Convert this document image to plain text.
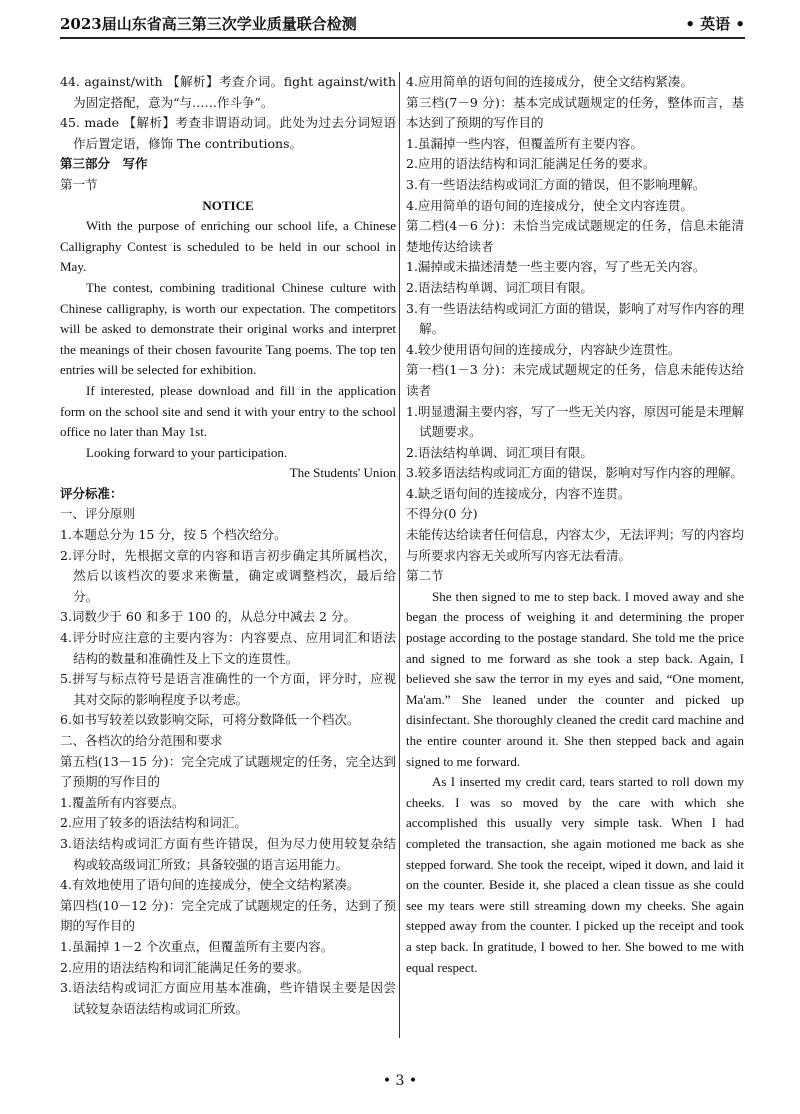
2023届山东省高三第三次学业质量联合检测	• 英语 •

44. against/with 【解析】考查介词。fight against/with为固定搭配，意为“与……作斗争”。

45. made 【解析】考查非谓语动词。此处为过去分词短语作后置定语，修饰 The contributions。

第三部分　写作

第一节

NOTICE

With the purpose of enriching our school life, a Chinese Calligraphy Contest is scheduled to be held in our school in May.

The contest, combining traditional Chinese culture with Chinese calligraphy, is worth our expectation. The competitors will be asked to demonstrate their original works and interpret the meanings of their chosen favourite Tang poems. The top ten entries will be selected for exhibition.

If interested, please download and fill in the application form on the school site and send it with your entry to the school office no later than May 1st.

Looking forward to your participation.

The Students' Union

评分标准：

一、评分原则

1.本题总分为 15 分，按 5 个档次给分。

2.评分时，先根据文章的内容和语言初步确定其所属档次，然后以该档次的要求来衡量，确定或调整档次，最后给分。

3.词数少于 60 和多于 100 的，从总分中减去 2 分。

4.评分时应注意的主要内容为：内容要点、应用词汇和语法结构的数量和准确性及上下文的连贯性。

5.拼写与标点符号是语言准确性的一个方面，评分时，应视其对交际的影响程度予以考虑。

6.如书写较差以致影响交际，可将分数降低一个档次。

二、各档次的给分范围和要求

第五档(13－15 分)：完全完成了试题规定的任务，完全达到了预期的写作目的

1.覆盖所有内容要点。

2.应用了较多的语法结构和词汇。

3.语法结构或词汇方面有些许错误，但为尽力使用较复杂结构或较高级词汇所致；具备较强的语言运用能力。

4.有效地使用了语句间的连接成分，使全文结构紧凑。

第四档(10－12 分)：完全完成了试题规定的任务，达到了预期的写作目的

1.虽漏掉 1－2 个次重点，但覆盖所有主要内容。

2.应用的语法结构和词汇能满足任务的要求。

3.语法结构或词汇方面应用基本准确，些许错误主要是因尝试较复杂语法结构或词汇所致。

4.应用简单的语句间的连接成分，使全文结构紧凑。

第三档(7－9 分)：基本完成试题规定的任务，整体而言，基本达到了预期的写作目的

1.虽漏掉一些内容，但覆盖所有主要内容。

2.应用的语法结构和词汇能满足任务的要求。

3.有一些语法结构或词汇方面的错误，但不影响理解。

4.应用简单的语句间的连接成分，使全文内容连贯。

第二档(4－6 分)：未恰当完成试题规定的任务，信息未能清楚地传达给读者

1.漏掉或未描述清楚一些主要内容，写了些无关内容。

2.语法结构单调、词汇项目有限。

3.有一些语法结构或词汇方面的错误，影响了对写作内容的理解。

4.较少使用语句间的连接成分，内容缺少连贯性。

第一档(1－3 分)：未完成试题规定的任务，信息未能传达给读者

1.明显遗漏主要内容，写了一些无关内容，原因可能是未理解试题要求。

2.语法结构单调、词汇项目有限。

3.较多语法结构或词汇方面的错误，影响对写作内容的理解。

4.缺乏语句间的连接成分，内容不连贯。

不得分(0 分)

未能传达给读者任何信息，内容太少，无法评判；写的内容均与所要求内容无关或所写内容无法看清。

第二节

She then signed to me to step back. I moved away and she began the process of weighing it and determining the proper postage according to the postage standard. She told me the price and signed to me forward as she took a step back. Again, I believed she saw the terror in my eyes and said, “One moment, Ma'am.” She leaned under the counter and picked up disinfectant. She thoroughly cleaned the credit card machine and the entire counter around it. She then stepped back and again signed to me forward.

As I inserted my credit card, tears started to roll down my cheeks. I was so moved by the care with which she accomplished this usually very simple task. When I had completed the transaction, she again motioned me back as she stepped forward. She took the receipt, wiped it down, and laid it on the counter. Beside it, she placed a clean tissue as she could see my tears were still streaming down my cheeks. She again stepped away from the counter. I picked up the receipt and took a step back. In gratitude, I bowed to her. She bowed to me with equal respect.

• 3 •
